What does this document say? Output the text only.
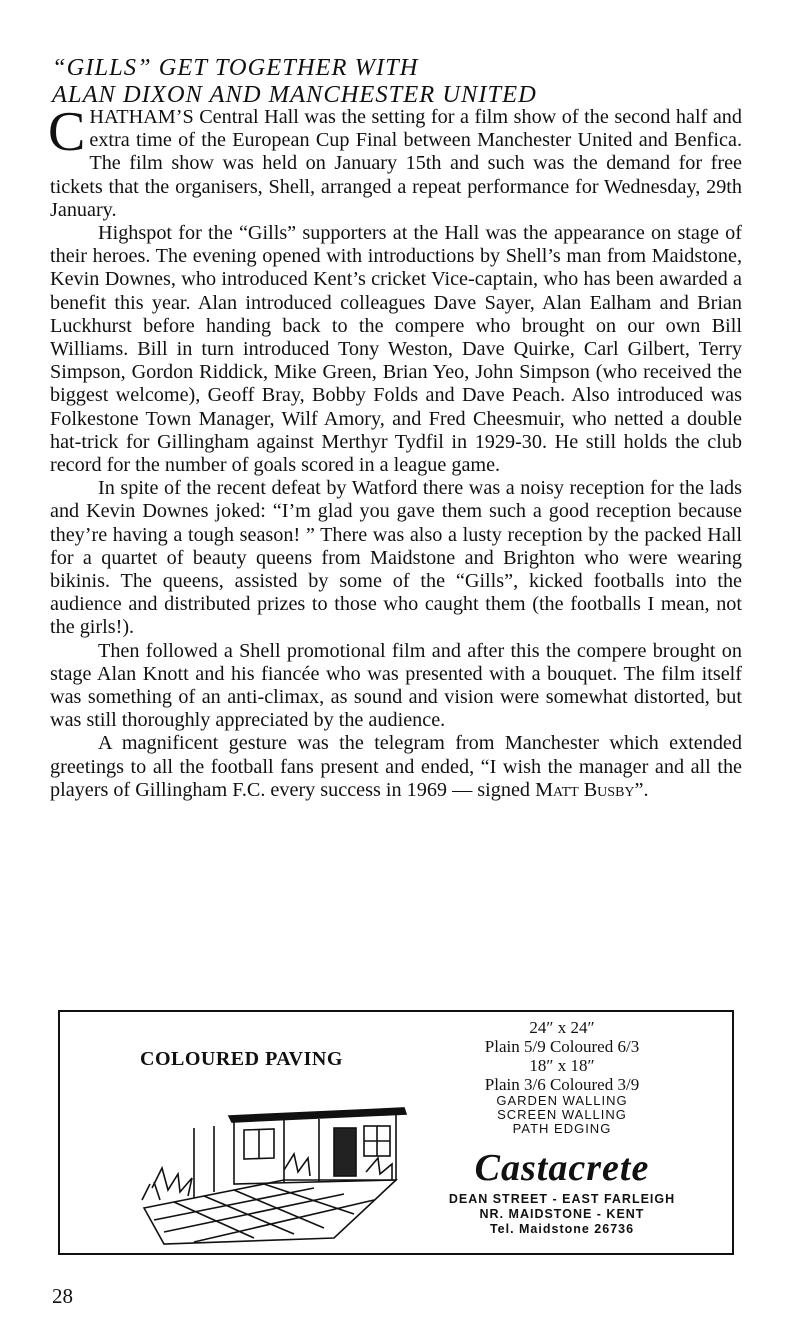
“GILLS” GET TOGETHER WITH
ALAN DIXON AND MANCHESTER UNITED

CHATHAM’S Central Hall was the setting for a film show of the second half and extra time of the European Cup Final between Manchester United and Benfica. The film show was held on January 15th and such was the demand for free tickets that the organisers, Shell, arranged a repeat performance for Wednesday, 29th January.

Highspot for the “Gills” supporters at the Hall was the appearance on stage of their heroes. The evening opened with introductions by Shell’s man from Maidstone, Kevin Downes, who introduced Kent’s cricket Vice-captain, who has been awarded a benefit this year. Alan introduced colleagues Dave Sayer, Alan Ealham and Brian Luckhurst before handing back to the compere who brought on our own Bill Williams. Bill in turn introduced Tony Weston, Dave Quirke, Carl Gilbert, Terry Simpson, Gordon Riddick, Mike Green, Brian Yeo, John Simpson (who received the biggest welcome), Geoff Bray, Bobby Folds and Dave Peach. Also introduced was Folkestone Town Manager, Wilf Amory, and Fred Cheesmuir, who netted a double hat-trick for Gillingham against Merthyr Tydfil in 1929-30. He still holds the club record for the number of goals scored in a league game.

In spite of the recent defeat by Watford there was a noisy reception for the lads and Kevin Downes joked: “I’m glad you gave them such a good reception because they’re having a tough season! ” There was also a lusty reception by the packed Hall for a quartet of beauty queens from Maidstone and Brighton who were wearing bikinis. The queens, assisted by some of the “Gills”, kicked footballs into the audience and distributed prizes to those who caught them (the footballs I mean, not the girls!).

Then followed a Shell promotional film and after this the compere brought on stage Alan Knott and his fiancée who was presented with a bouquet. The film itself was something of an anti-climax, as sound and vision were somewhat distorted, but was still thoroughly appreciated by the audience.

A magnificent gesture was the telegram from Manchester which extended greetings to all the football fans present and ended, “I wish the manager and all the players of Gillingham F.C. every success in 1969 — signed Matt Busby”.

COLOURED PAVING
24″ x 24″
Plain 5/9 Coloured 6/3
18″ x 18″
Plain 3/6 Coloured 3/9
GARDEN WALLING
SCREEN WALLING
PATH EDGING
Castacrete
DEAN STREET - EAST FARLEIGH
NR. MAIDSTONE - KENT
Tel. Maidstone 26736
28
